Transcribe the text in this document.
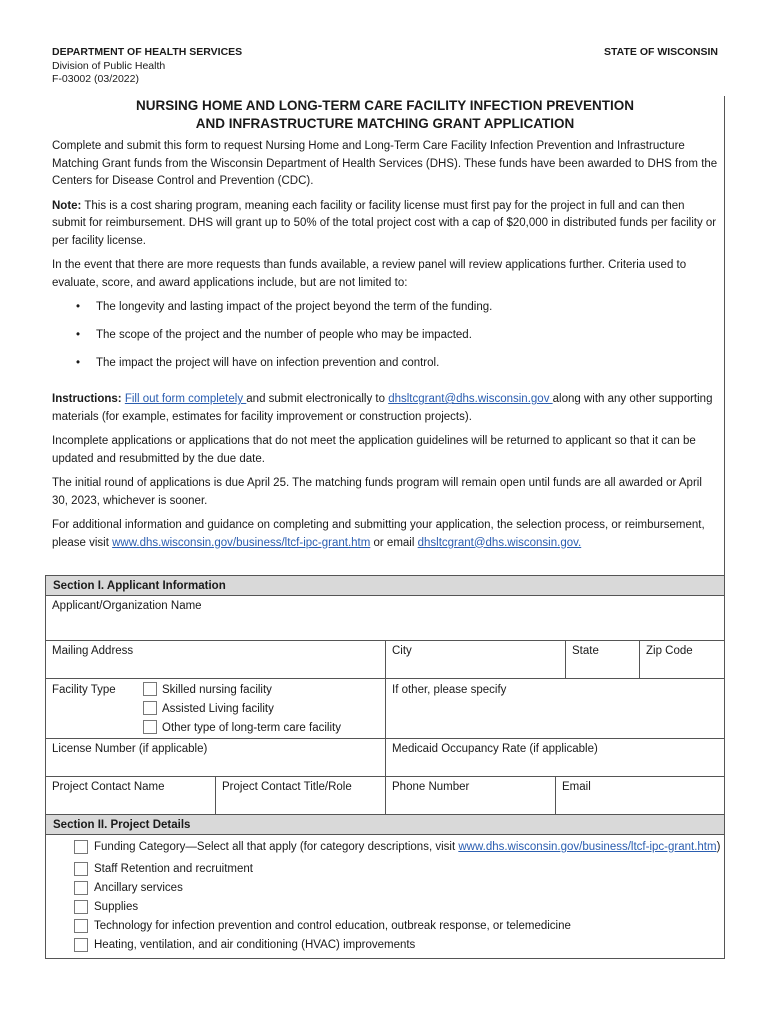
DEPARTMENT OF HEALTH SERVICES
Division of Public Health
F-03002 (03/2022)
STATE OF WISCONSIN
NURSING HOME AND LONG-TERM CARE FACILITY INFECTION PREVENTION
AND INFRASTRUCTURE MATCHING GRANT APPLICATION

Complete and submit this form to request Nursing Home and Long-Term Care Facility Infection Prevention and Infrastructure Matching Grant funds from the Wisconsin Department of Health Services (DHS). These funds have been awarded to DHS from the Centers for Disease Control and Prevention (CDC).

Note: This is a cost sharing program, meaning each facility or facility license must first pay for the project in full and can then submit for reimbursement. DHS will grant up to 50% of the total project cost with a cap of $20,000 in distributed funds per facility or per facility license.

In the event that there are more requests than funds available, a review panel will review applications further. Criteria used to evaluate, score, and award applications include, but are not limited to:

• The longevity and lasting impact of the project beyond the term of the funding.
• The scope of the project and the number of people who may be impacted.
• The impact the project will have on infection prevention and control.

Instructions: Fill out form completely and submit electronically to dhsltcgrant@dhs.wisconsin.gov along with any other supporting materials (for example, estimates for facility improvement or construction projects).

Incomplete applications or applications that do not meet the application guidelines will be returned to applicant so that it can be updated and resubmitted by the due date.

The initial round of applications is due April 25. The matching funds program will remain open until funds are all awarded or April 30, 2023, whichever is sooner.

For additional information and guidance on completing and submitting your application, the selection process, or reimbursement, please visit www.dhs.wisconsin.gov/business/ltcf-ipc-grant.htm or email dhsltcgrant@dhs.wisconsin.gov.

Section I. Applicant Information
Applicant/Organization Name
Mailing Address	City	State	Zip Code
Facility Type	Skilled nursing facility
Assisted Living facility
Other type of long-term care facility
If other, please specify
License Number (if applicable)	Medicaid Occupancy Rate (if applicable)
Project Contact Name	Project Contact Title/Role	Phone Number	Email
Section II. Project Details
Funding Category—Select all that apply (for category descriptions, visit www.dhs.wisconsin.gov/business/ltcf-ipc-grant.htm)
Staff Retention and recruitment
Ancillary services
Supplies
Technology for infection prevention and control education, outbreak response, or telemedicine
Heating, ventilation, and air conditioning (HVAC) improvements
